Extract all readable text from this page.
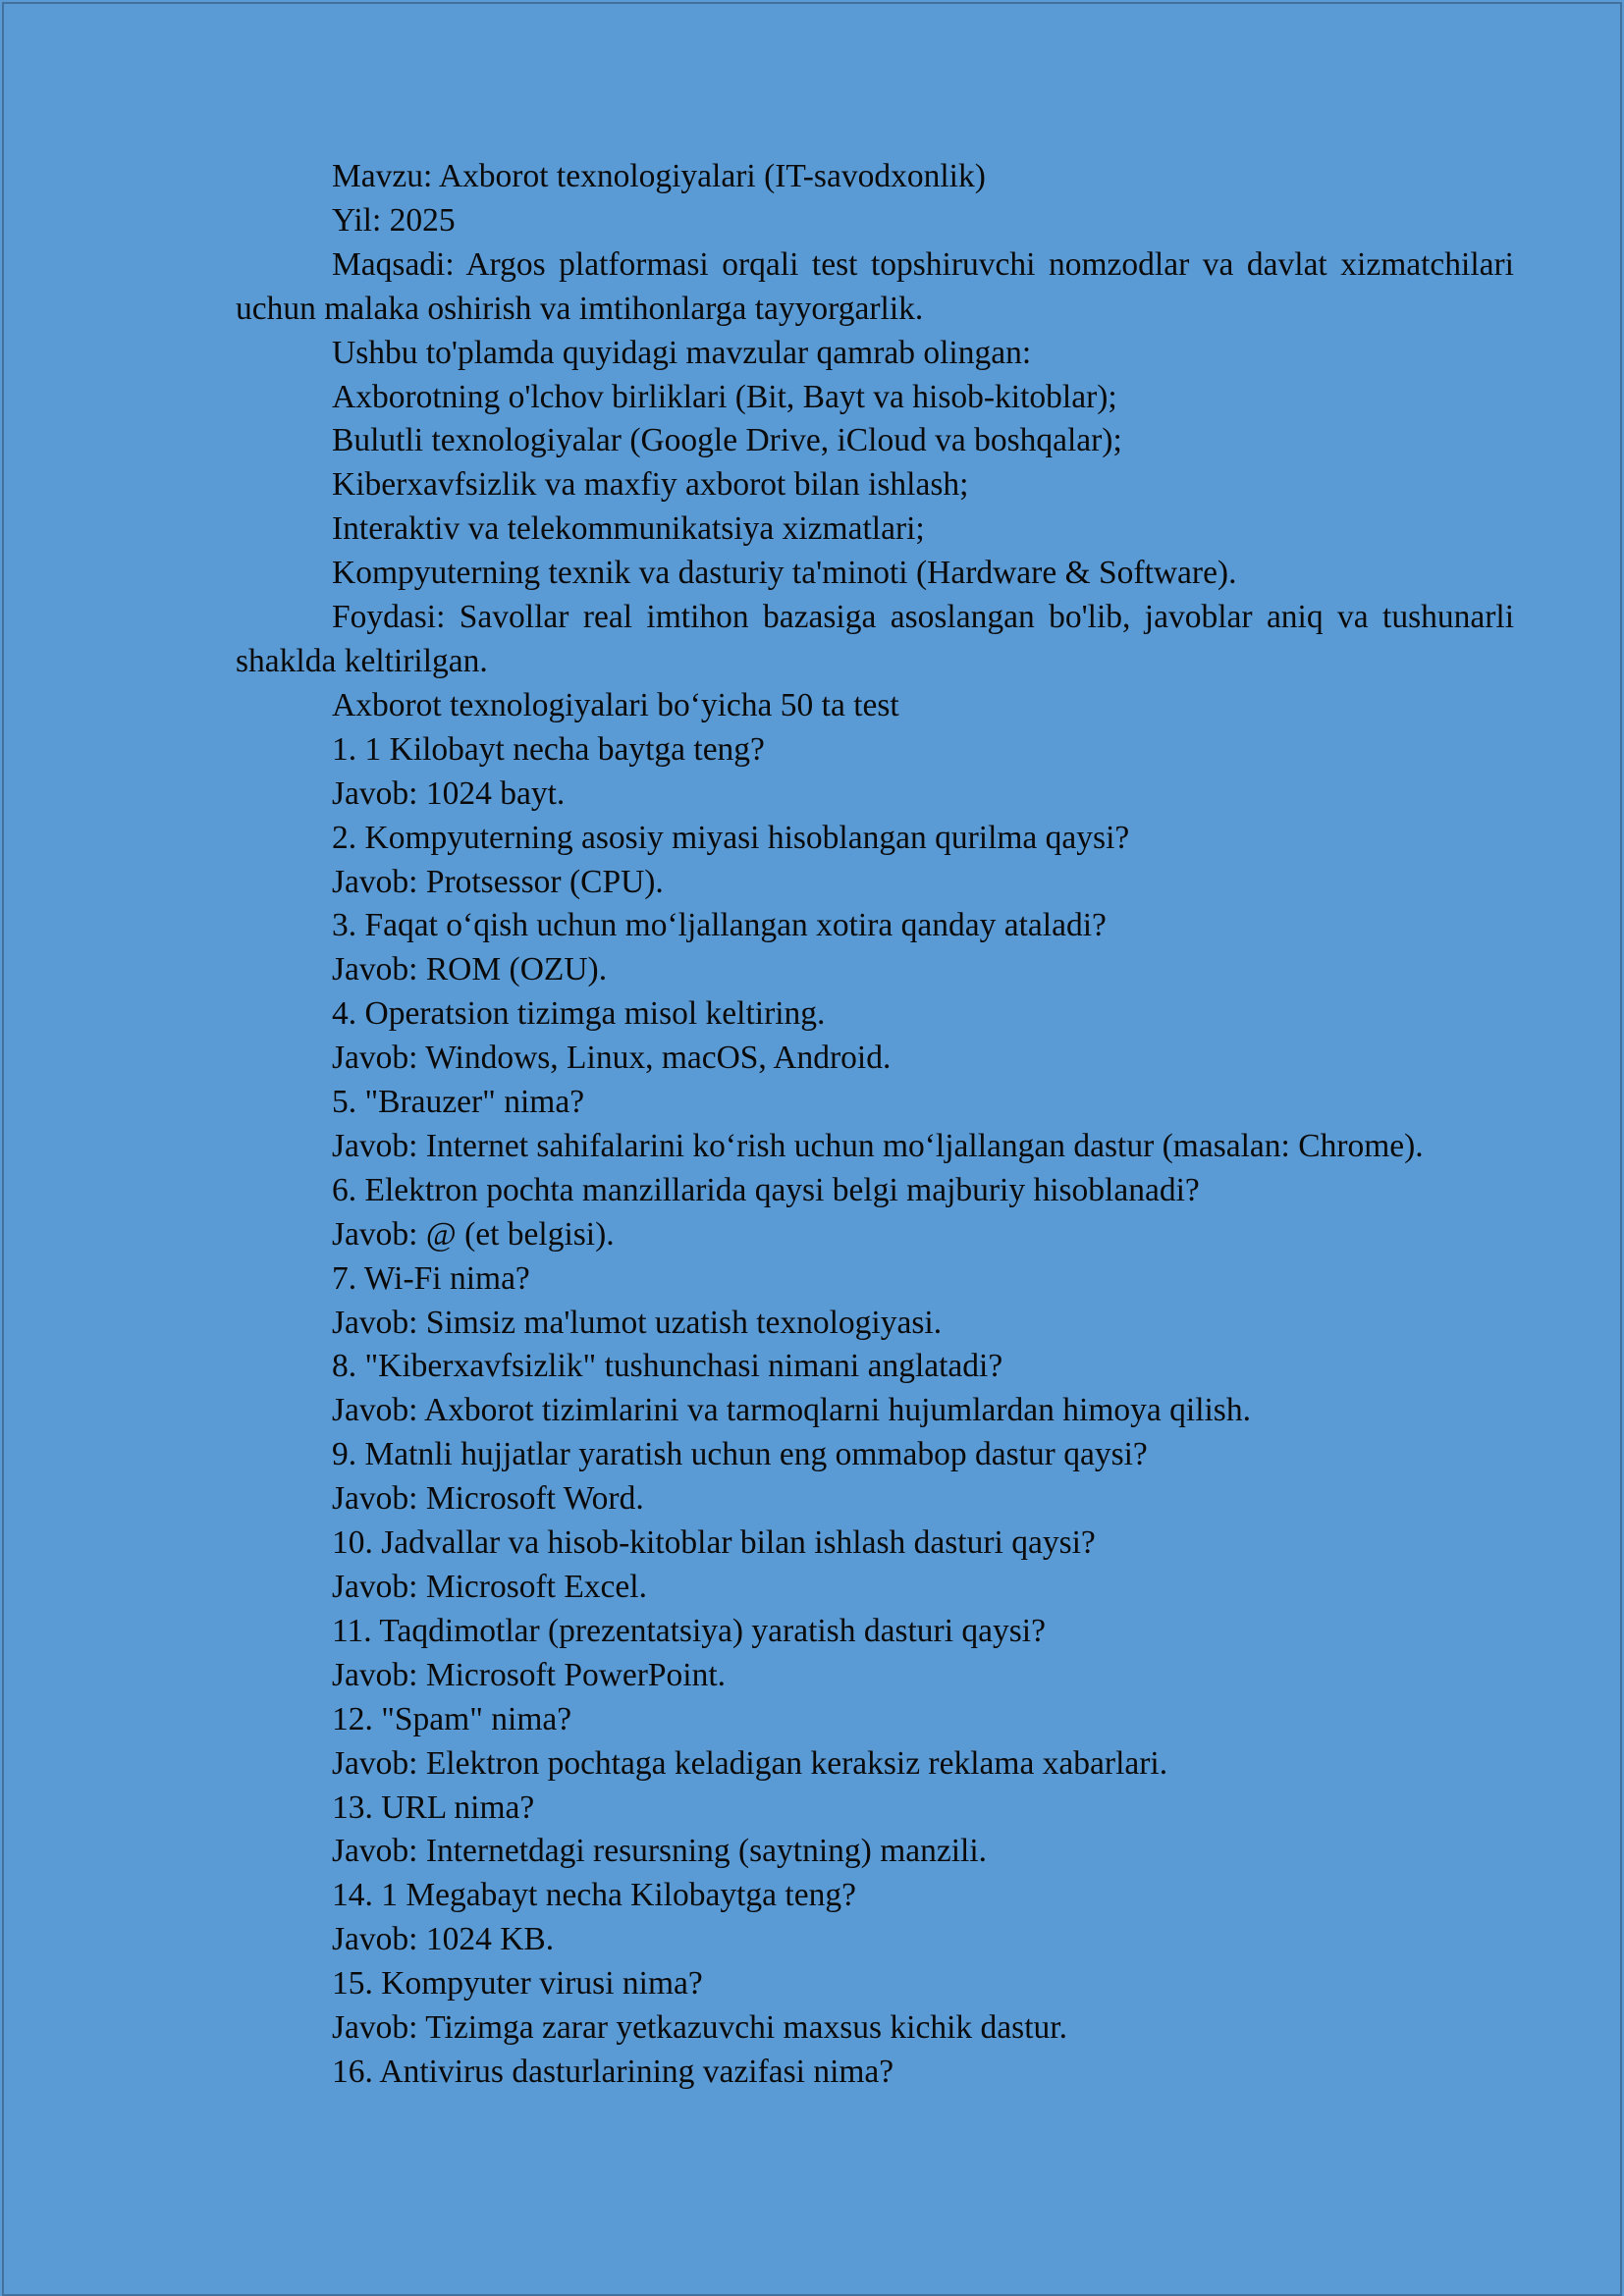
Mavzu: Axborot texnologiyalari (IT-savodxonlik)

Yil: 2025

Maqsadi: Argos platformasi orqali test topshiruvchi nomzodlar va davlat xizmatchilari uchun malaka oshirish va imtihonlarga tayyorgarlik.

Ushbu to'plamda quyidagi mavzular qamrab olingan:

Axborotning o'lchov birliklari (Bit, Bayt va hisob-kitoblar);

Bulutli texnologiyalar (Google Drive, iCloud va boshqalar);

Kiberxavfsizlik va maxfiy axborot bilan ishlash;

Interaktiv va telekommunikatsiya xizmatlari;

Kompyuterning texnik va dasturiy ta'minoti (Hardware & Software).

Foydasi: Savollar real imtihon bazasiga asoslangan bo'lib, javoblar aniq va tushunarli shaklda keltirilgan.

Axborot texnologiyalari bo‘yicha 50 ta test

1. 1 Kilobayt necha baytga teng?

Javob: 1024 bayt.

2. Kompyuterning asosiy miyasi hisoblangan qurilma qaysi?

Javob: Protsessor (CPU).

3. Faqat o‘qish uchun mo‘ljallangan xotira qanday ataladi?

Javob: ROM (OZU).

4. Operatsion tizimga misol keltiring.

Javob: Windows, Linux, macOS, Android.

5. "Brauzer" nima?

Javob: Internet sahifalarini ko‘rish uchun mo‘ljallangan dastur (masalan: Chrome).

6. Elektron pochta manzillarida qaysi belgi majburiy hisoblanadi?

Javob: @ (et belgisi).

7. Wi-Fi nima?

Javob: Simsiz ma'lumot uzatish texnologiyasi.

8. "Kiberxavfsizlik" tushunchasi nimani anglatadi?

Javob: Axborot tizimlarini va tarmoqlarni hujumlardan himoya qilish.

9. Matnli hujjatlar yaratish uchun eng ommabop dastur qaysi?

Javob: Microsoft Word.

10. Jadvallar va hisob-kitoblar bilan ishlash dasturi qaysi?

Javob: Microsoft Excel.

11. Taqdimotlar (prezentatsiya) yaratish dasturi qaysi?

Javob: Microsoft PowerPoint.

12. "Spam" nima?

Javob: Elektron pochtaga keladigan keraksiz reklama xabarlari.

13. URL nima?

Javob: Internetdagi resursning (saytning) manzili.

14. 1 Megabayt necha Kilobaytga teng?

Javob: 1024 KB.

15. Kompyuter virusi nima?

Javob: Tizimga zarar yetkazuvchi maxsus kichik dastur.

16. Antivirus dasturlarining vazifasi nima?
